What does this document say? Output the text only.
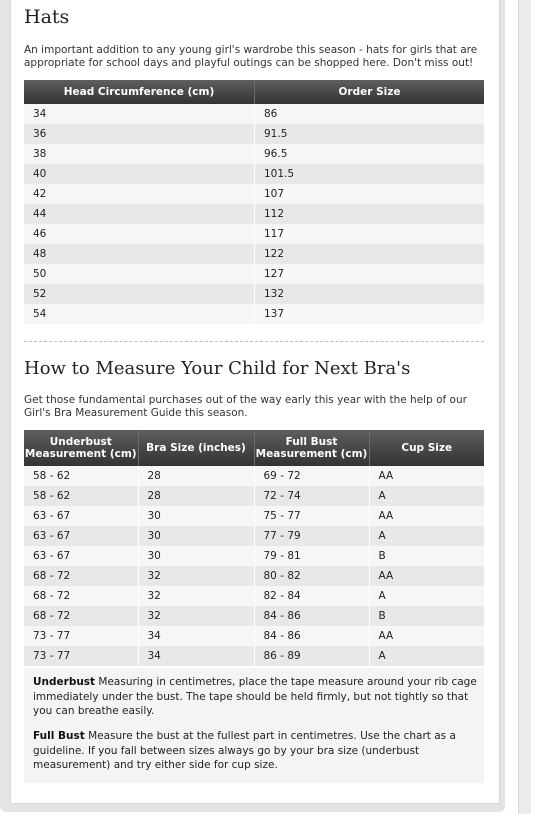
Hats

An important addition to any young girl's wardrobe this season - hats for girls that are appropriate for school days and playful outings can be shopped here. Don't miss out!

Head Circumference (cm)	Order Size
34	86
36	91.5
38	96.5
40	101.5
42	107
44	112
46	117
48	122
50	127
52	132
54	137
How to Measure Your Child for Next Bra's

Get those fundamental purchases out of the way early this year with the help of our Girl's Bra Measurement Guide this season.

Underbust Measurement (cm)	Bra Size (inches)	Full Bust Measurement (cm)	Cup Size
58 - 62	28	69 - 72	AA
58 - 62	28	72 - 74	A
63 - 67	30	75 - 77	AA
63 - 67	30	77 - 79	A
63 - 67	30	79 - 81	B
68 - 72	32	80 - 82	AA
68 - 72	32	82 - 84	A
68 - 72	32	84 - 86	B
73 - 77	34	84 - 86	AA
73 - 77	34	86 - 89	A

Underbust Measuring in centimetres, place the tape measure around your rib cage immediately under the bust. The tape should be held firmly, but not tightly so that you can breathe easily.

Full Bust Measure the bust at the fullest part in centimetres. Use the chart as a guideline. If you fall between sizes always go by your bra size (underbust measurement) and try either side for cup size.
